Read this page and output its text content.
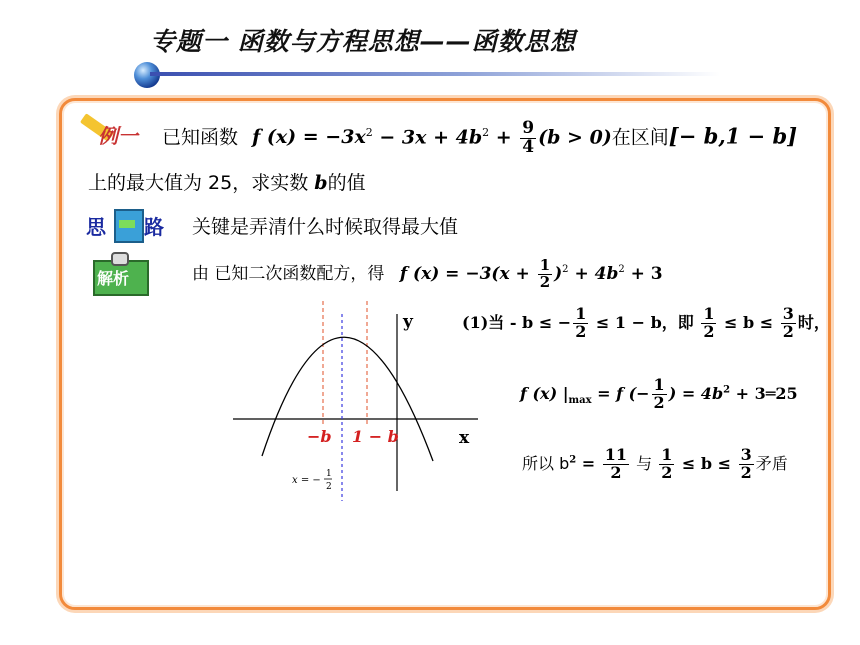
专题一 函数与方程思想——函数思想
例一 已知函数 f $(x) = -3x^2 - 3x + 4b^2 + \frac{9}{4} (b > 0)$在区间[− b,1 − b]
上的最大值为 25，求实数 b的值
思 路 关键是弄清什么时候取得最大值
解析	由 已知二次函数配方，得 f $(x) = -3(x + \frac{1}{2} )^2 + 4b^2 + 3$
y
x
−b 1 − b
x = −
1
2
(1)当 - b ≤ − $\frac{1}{2} \le 1 - b$，即 $\frac{1}{2} \le b \le \frac{3}{2}$ 时，
f (x) $|_{max} = f$ (− $\frac{1}{2}$ ) = $4b^2$ + 3═25
所以 $b^2 = \frac{11}{2}$ 与 $\frac{1}{2} \le b \le \frac{3}{2}$ 矛盾
